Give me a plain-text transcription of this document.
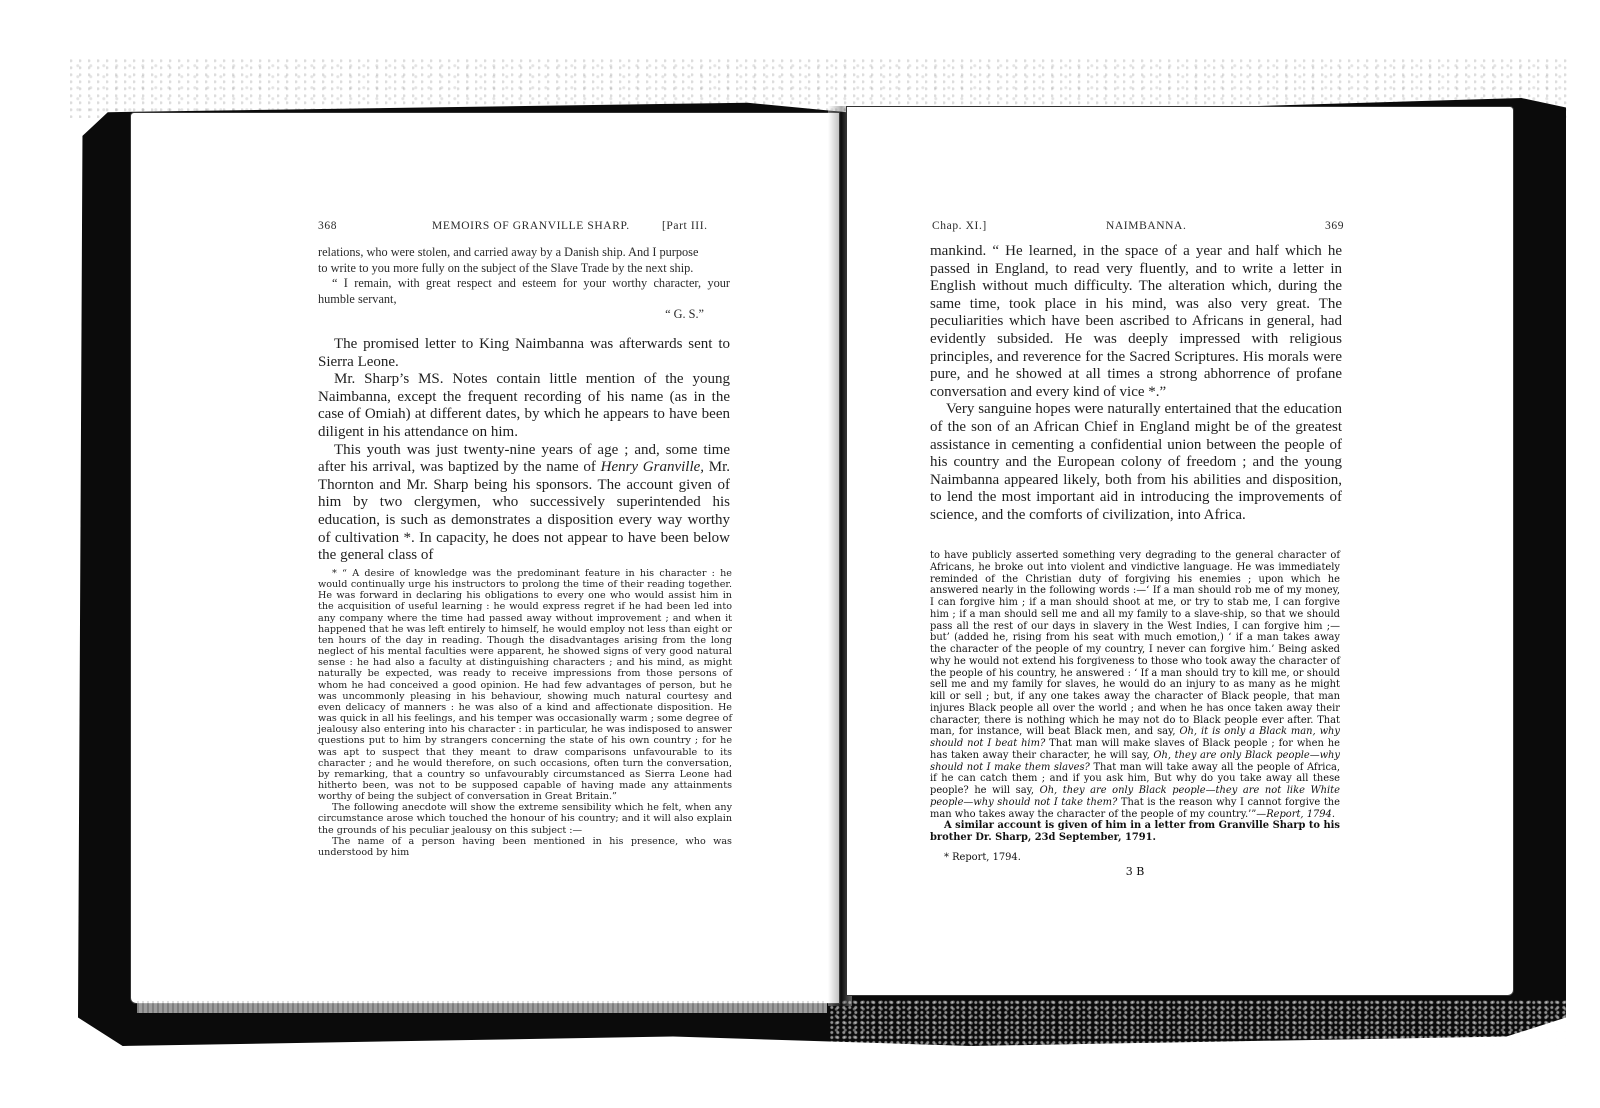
368	MEMOIRS OF GRANVILLE SHARP.	[Part III.
relations, who were stolen, and carried away by a Danish ship. And I purpose
to write to you more fully on the subject of the Slave Trade by the next ship.
“ I remain, with great respect and esteem for your worthy character, your humble servant,
“ G. S.”

The promised letter to King Naimbanna was afterwards sent to Sierra Leone.

Mr. Sharp’s MS. Notes contain little mention of the young Naimbanna, except the frequent recording of his name (as in the case of Omiah) at different dates, by which he appears to have been diligent in his attendance on him.

This youth was just twenty-nine years of age ; and, some time after his arrival, was baptized by the name of Henry Granville, Mr. Thornton and Mr. Sharp being his sponsors. The account given of him by two clergymen, who successively superintended his education, is such as demonstrates a disposition every way worthy of cultivation *. In capacity, he does not appear to have been below the general class of

* “ A desire of knowledge was the predominant feature in his character : he would continually urge his instructors to prolong the time of their reading together. He was forward in declaring his obligations to every one who would assist him in the acquisition of useful learning : he would express regret if he had been led into any company where the time had passed away without improvement ; and when it happened that he was left entirely to himself, he would employ not less than eight or ten hours of the day in reading. Though the disadvantages arising from the long neglect of his mental faculties were apparent, he showed signs of very good natural sense : he had also a faculty at distinguishing characters ; and his mind, as might naturally be expected, was ready to receive impressions from those persons of whom he had conceived a good opinion. He had few advantages of person, but he was uncommonly pleasing in his behaviour, showing much natural courtesy and even delicacy of manners : he was also of a kind and affectionate disposition. He was quick in all his feelings, and his temper was occasionally warm ; some degree of jealousy also entering into his character : in particular, he was indisposed to answer questions put to him by strangers concerning the state of his own country ; for he was apt to suspect that they meant to draw comparisons unfavourable to its character ; and he would therefore, on such occasions, often turn the conversation, by remarking, that a country so unfavourably circumstanced as Sierra Leone had hitherto been, was not to be supposed capable of having made any attainments worthy of being the subject of conversation in Great Britain.”

The following anecdote will show the extreme sensibility which he felt, when any circumstance arose which touched the honour of his country; and it will also explain the grounds of his peculiar jealousy on this subject :—

The name of a person having been mentioned in his presence, who was understood by him

Chap. XI.]	NAIMBANNA.	369

mankind. “ He learned, in the space of a year and half which he passed in England, to read very fluently, and to write a letter in English without much difficulty. The alteration which, during the same time, took place in his mind, was also very great. The peculiarities which have been ascribed to Africans in general, had evidently subsided. He was deeply impressed with religious principles, and reverence for the Sacred Scriptures. His morals were pure, and he showed at all times a strong abhorrence of profane conversation and every kind of vice *.”

Very sanguine hopes were naturally entertained that the education of the son of an African Chief in England might be of the greatest assistance in cementing a confidential union between the people of his country and the European colony of freedom ; and the young Naimbanna appeared likely, both from his abilities and disposition, to lend the most important aid in introducing the improvements of science, and the comforts of civilization, into Africa.

to have publicly asserted something very degrading to the general character of Africans, he broke out into violent and vindictive language. He was immediately reminded of the Christian duty of forgiving his enemies ; upon which he answered nearly in the following words :—‘ If a man should rob me of my money, I can forgive him ; if a man should shoot at me, or try to stab me, I can forgive him ; if a man should sell me and all my family to a slave-ship, so that we should pass all the rest of our days in slavery in the West Indies, I can forgive him ;—but’ (added he, rising from his seat with much emotion,) ‘ if a man takes away the character of the people of my country, I never can forgive him.’ Being asked why he would not extend his forgiveness to those who took away the character of the people of his country, he answered : ‘ If a man should try to kill me, or should sell me and my family for slaves, he would do an injury to as many as he might kill or sell ; but, if any one takes away the character of Black people, that man injures Black people all over the world ; and when he has once taken away their character, there is nothing which he may not do to Black people ever after. That man, for instance, will beat Black men, and say, Oh, it is only a Black man, why should not I beat him? That man will make slaves of Black people ; for when he has taken away their character, he will say, Oh, they are only Black people—why should not I make them slaves? That man will take away all the people of Africa, if he can catch them ; and if you ask him, But why do you take away all these people? he will say, Oh, they are only Black people—they are not like White people—why should not I take them? That is the reason why I cannot forgive the man who takes away the character of the people of my country.’”—Report, 1794.

A similar account is given of him in a letter from Granville Sharp to his brother Dr. Sharp, 23d September, 1791.

* Report, 1794.

3 B
